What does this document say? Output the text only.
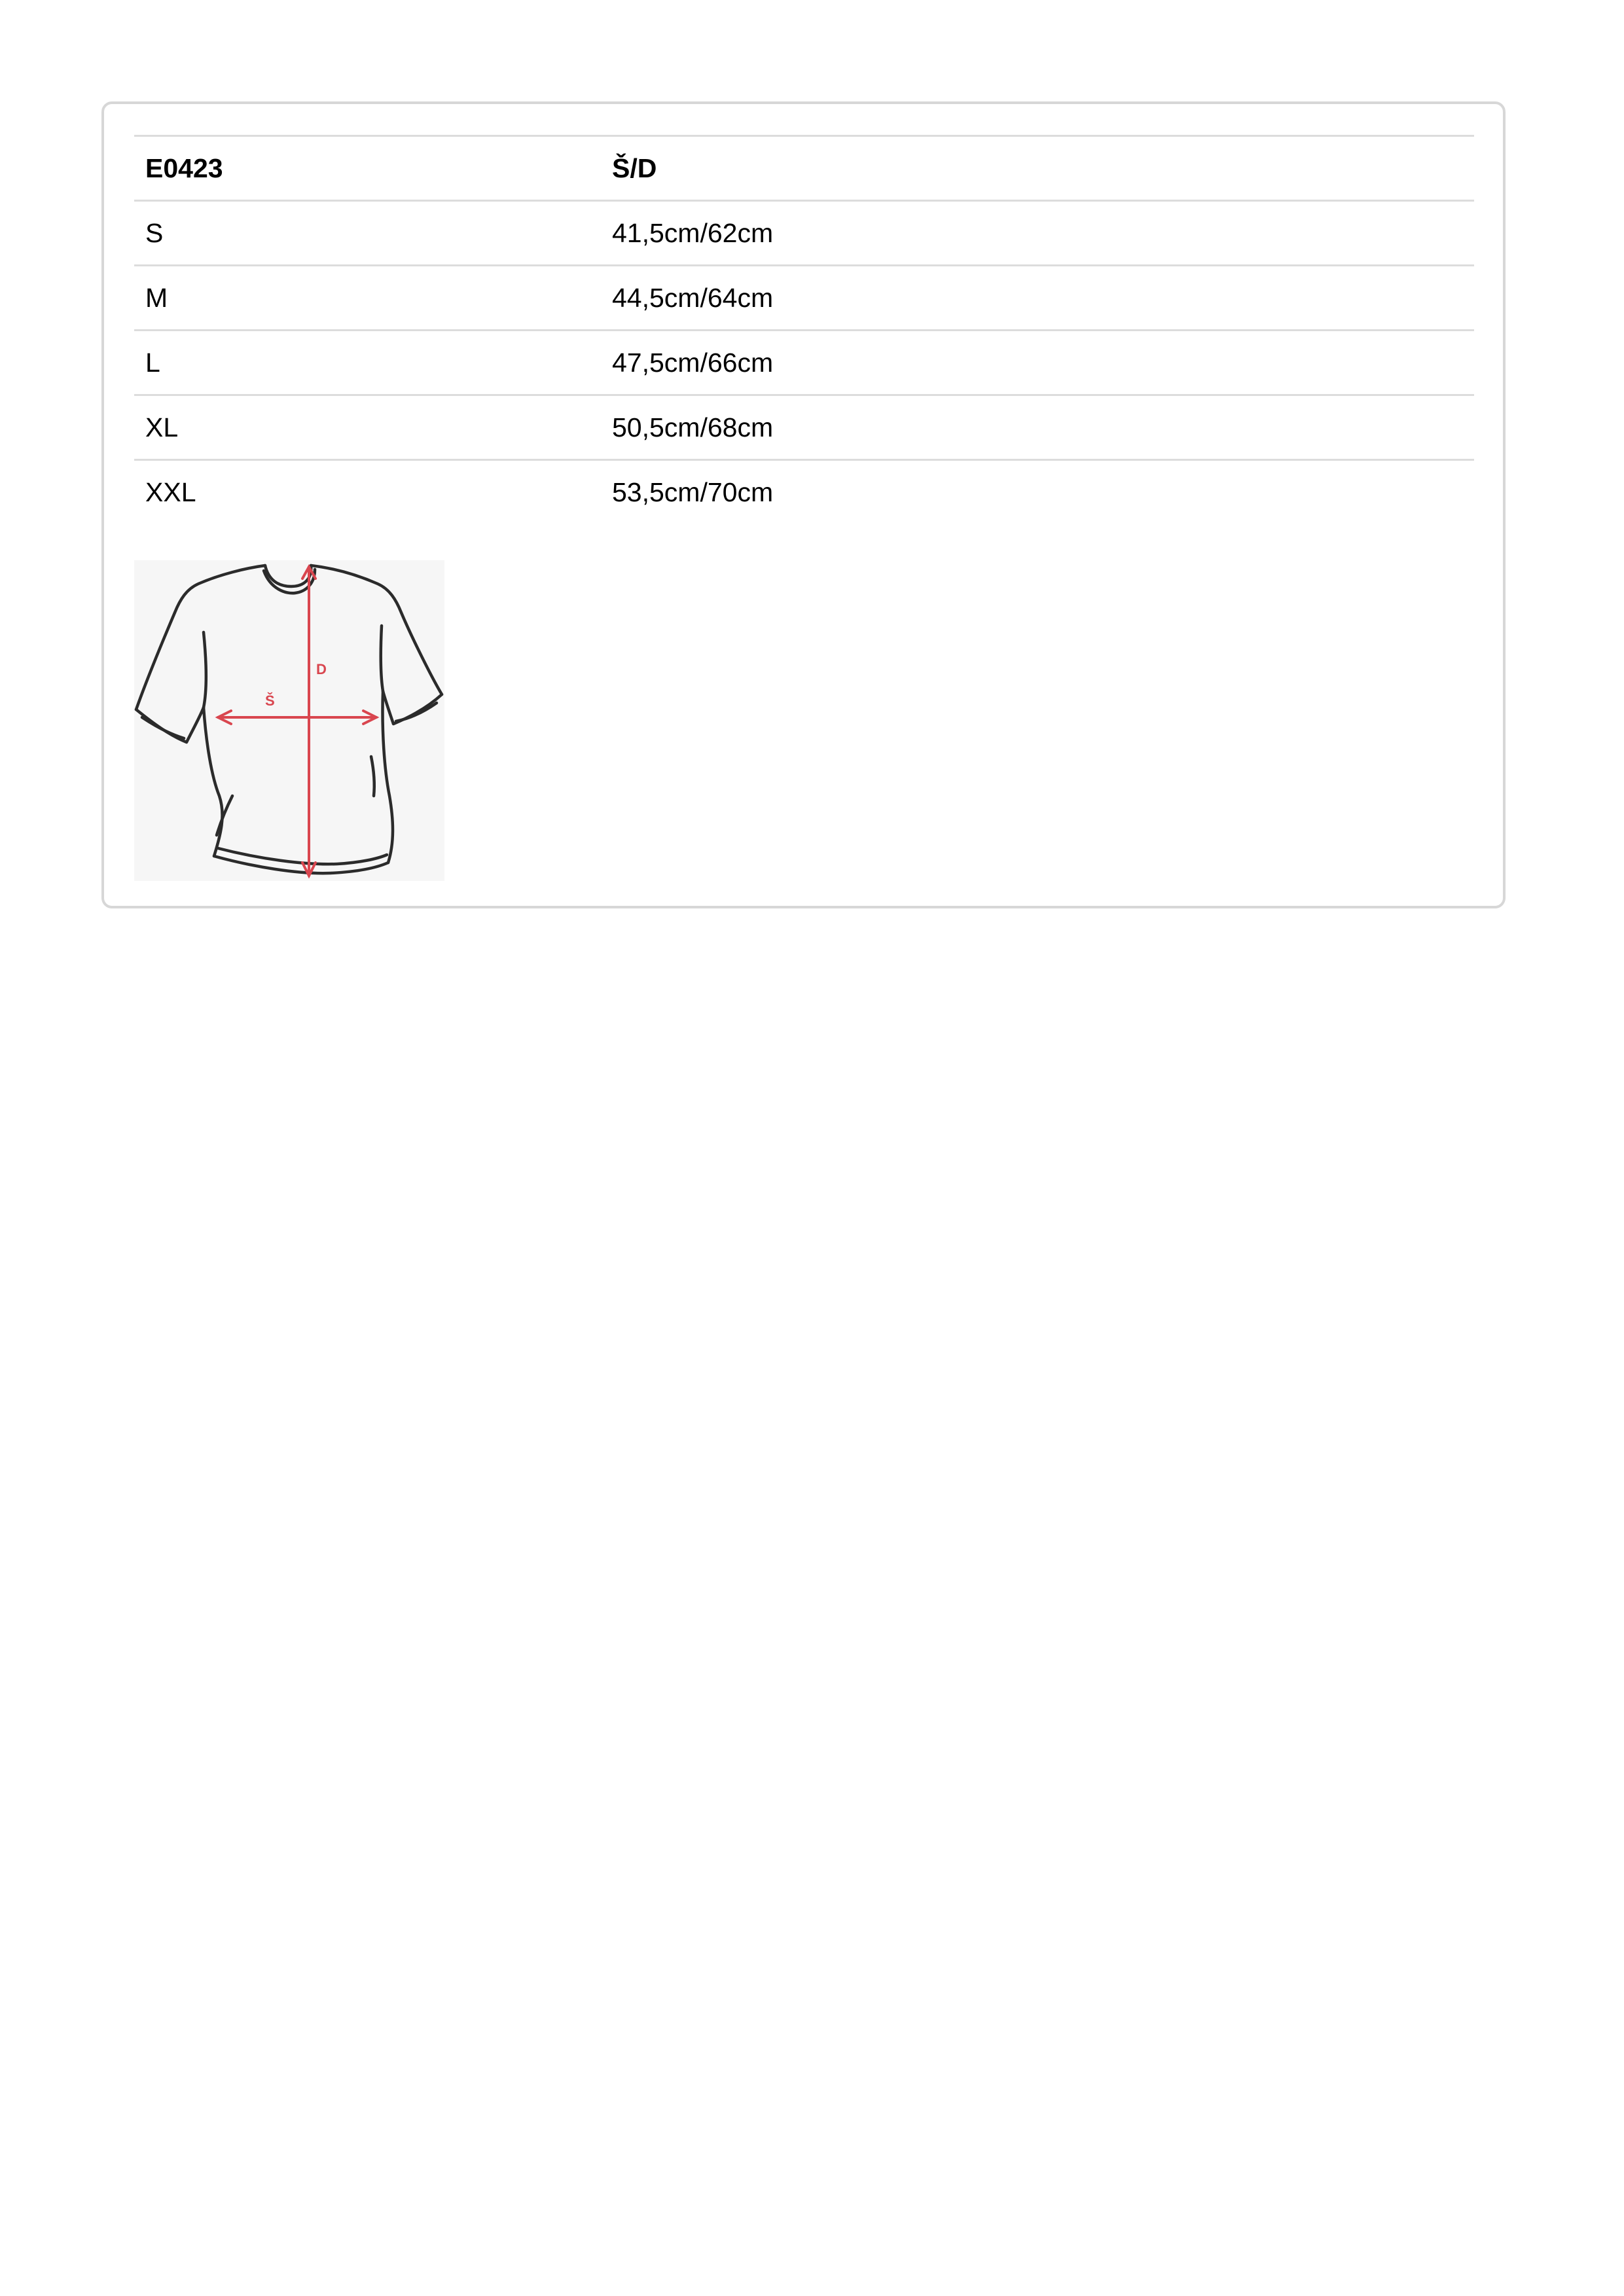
E0423	Š/D
S	41,5cm/62cm
M	44,5cm/64cm
L	47,5cm/66cm
XL	50,5cm/68cm
XXL	53,5cm/70cm
D
Š
